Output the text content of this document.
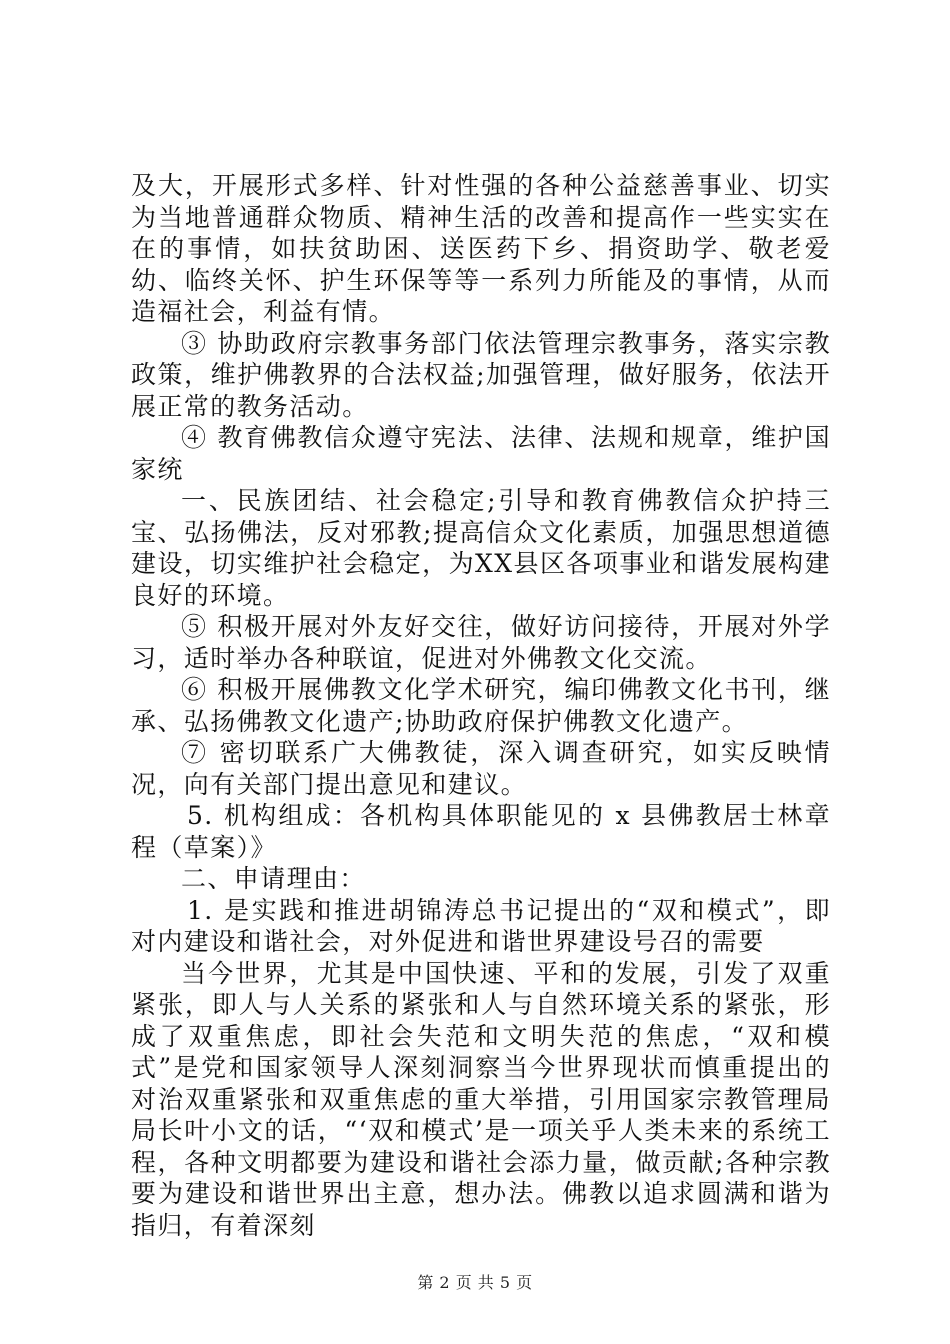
及大，开展形式多样、针对性强的各种公益慈善事业、切实为当地普通群众物质、精神生活的改善和提高作一些实实在在的事情，如扶贫助困、送医药下乡、捐资助学、敬老爱幼、临终关怀、护生环保等等一系列力所能及的事情，从而造福社会，利益有情。

③ 协助政府宗教事务部门依法管理宗教事务，落实宗教政策，维护佛教界的合法权益;加强管理，做好服务，依法开展正常的教务活动。

④ 教育佛教信众遵守宪法、法律、法规和规章，维护国家统

一、民族团结、社会稳定;引导和教育佛教信众护持三宝、弘扬佛法，反对邪教;提高信众文化素质，加强思想道德建设，切实维护社会稳定，为XX县区各项事业和谐发展构建良好的环境。

⑤ 积极开展对外友好交往，做好访问接待，开展对外学习，适时举办各种联谊，促进对外佛教文化交流。

⑥ 积极开展佛教文化学术研究，编印佛教文化书刊，继承、弘扬佛教文化遗产;协助政府保护佛教文化遗产。

⑦ 密切联系广大佛教徒，深入调查研究，如实反映情况，向有关部门提出意见和建议。

5. 机构组成：各机构具体职能见的 x 县佛教居士林章程（草案）》

二、申请理由：

1. 是实践和推进胡锦涛总书记提出的“双和模式”，即对内建设和谐社会，对外促进和谐世界建设号召的需要

当今世界，尤其是中国快速、平和的发展，引发了双重紧张，即人与人关系的紧张和人与自然环境关系的紧张，形成了双重焦虑，即社会失范和文明失范的焦虑，“双和模式”是党和国家领导人深刻洞察当今世界现状而慎重提出的对治双重紧张和双重焦虑的重大举措，引用国家宗教管理局局长叶小文的话，“‘双和模式’是一项关乎人类未来的系统工程，各种文明都要为建设和谐社会添力量，做贡献;各种宗教要为建设和谐世界出主意，想办法。佛教以追求圆满和谐为指归，有着深刻

第 2 页 共 5 页
